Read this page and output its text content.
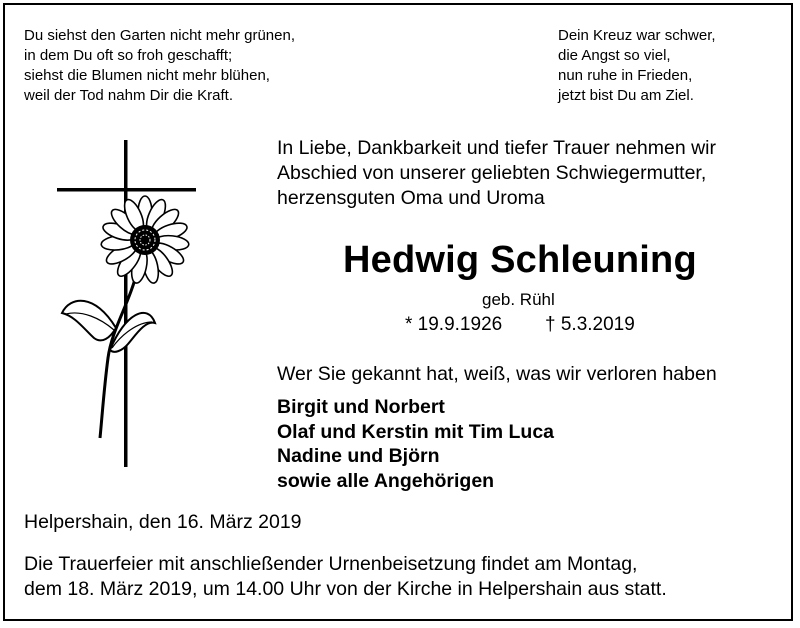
Du siehst den Garten nicht mehr grünen,
in dem Du oft so froh geschafft;
siehst die Blumen nicht mehr blühen,
weil der Tod nahm Dir die Kraft.
Dein Kreuz war schwer,
die Angst so viel,
nun ruhe in Frieden,
jetzt bist Du am Ziel.
In Liebe, Dankbarkeit und tiefer Trauer nehmen wir
Abschied von unserer geliebten Schwiegermutter,
herzensguten Oma und Uroma
Hedwig Schleuning
geb. Rühl
* 19.9.1926 † 5.3.2019
Wer Sie gekannt hat, weiß, was wir verloren haben
Birgit und Norbert
Olaf und Kerstin mit Tim Luca
Nadine und Björn
sowie alle Angehörigen
Helpershain, den 16. März 2019
Die Trauerfeier mit anschließender Urnenbeisetzung findet am Montag,
dem 18. März 2019, um 14.00 Uhr von der Kirche in Helpershain aus statt.
